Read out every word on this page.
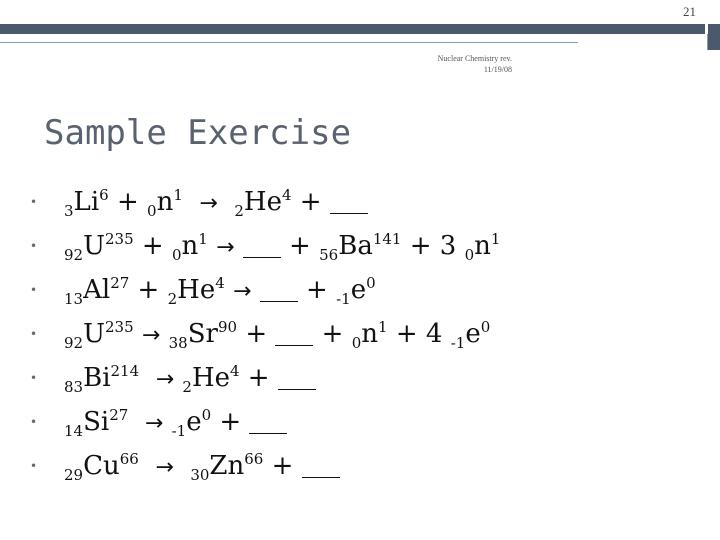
21
Nuclear Chemistry rev.
11/19/08
Sample Exercise
• $_3Li^6 + _0n^1 \to _2He^4$ +
• $_{92}U^{235} + _0n^1$ →  + $_{56}Ba^{141} + 3$ $_0n^1$
• $_{13}Al^{27} + _2He^4$ →  + $_{-1}e^0$
• $_{92}U^{235} \to _{38}Sr^{90}$ +  + $_0n^1 + 4$ $_{-1}e^0$
• $_{83}Bi^{214} \to _2He^4$ +
• $_{14}Si^{27} \to _{-1}e^0$ +
• $_{29}Cu^{66} \to _{30}Zn^{66}$ +
